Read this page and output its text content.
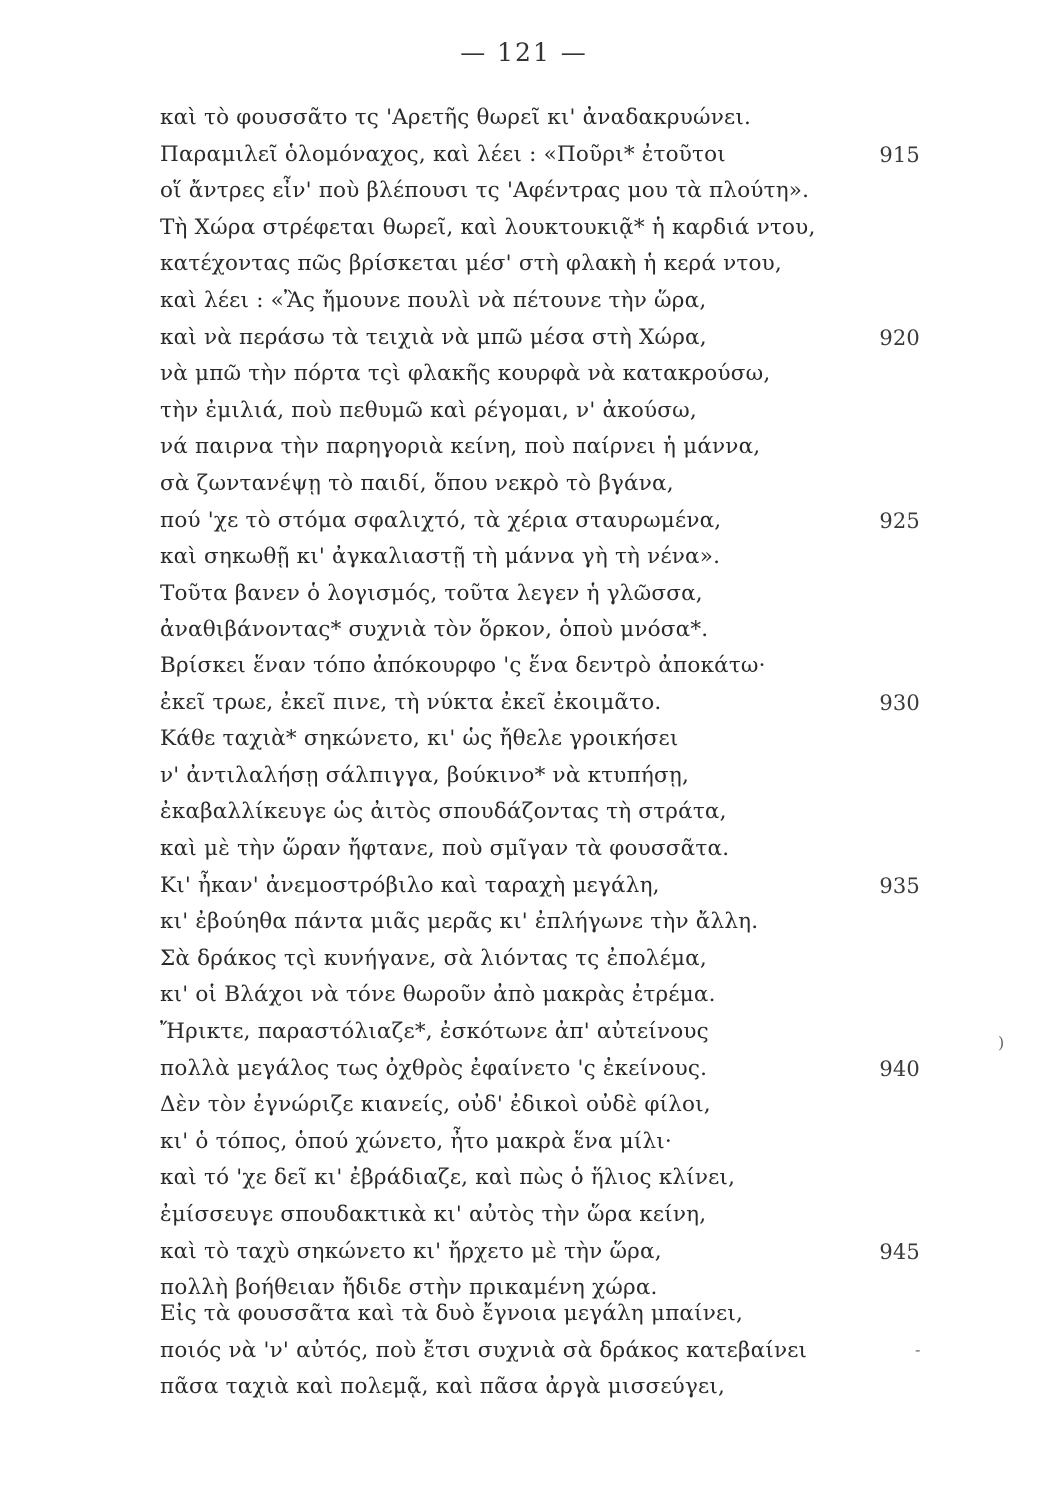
— 121 —
καὶ τὸ φουσσᾶτο τς 'Αρετῆς θωρεῖ κι' ἀναδακρυώνει.
Παραμιλεῖ ὁλομόναχος, καὶ λέει : «Ποῦρι* ἐτοῦτοι	915
οἵ ἄντρες εἶν' ποὺ βλέπουσι τς 'Αφέντρας μου τὰ πλούτη».
Τὴ Χώρα στρέφεται θωρεῖ, καὶ λουκτουκιᾷ* ἡ καρδιά ντου,
κατέχοντας πῶς βρίσκεται μέσ' στὴ φλακὴ ἡ κερά ντου,
καὶ λέει : «Ἂς ἤμουνε πουλὶ νὰ πέτουνε τὴν ὥρα,
καὶ νὰ περάσω τὰ τειχιὰ νὰ μπῶ μέσα στὴ Χώρα,	920
νὰ μπῶ τὴν πόρτα τςὶ φλακῆς κουρφὰ νὰ κατακρούσω,
τὴν ἐμιλιά, ποὺ πεθυμῶ καὶ ρέγομαι, ν' ἀκούσω,
νά παιρνα τὴν παρηγοριὰ κείνη, ποὺ παίρνει ἡ μάννα,
σὰ ζωντανέψῃ τὸ παιδί, ὅπου νεκρὸ τὸ βγάνα,
πού 'χε τὸ στόμα σφαλιχτό, τὰ χέρια σταυρωμένα,	925
καὶ σηκωθῇ κι' ἀγκαλιαστῇ τὴ μάννα γὴ τὴ νένα».
Τοῦτα βανεν ὁ λογισμός, τοῦτα λεγεν ἡ γλῶσσα,
ἀναθιβάνοντας* συχνιὰ τὸν ὅρκον, ὁποὺ μνόσα*.
Βρίσκει ἕναν τόπο ἀπόκουρφο 'ς ἕνα δεντρὸ ἀποκάτω·
ἐκεῖ τρωε, ἐκεῖ πινε, τὴ νύκτα ἐκεῖ ἐκοιμᾶτο.	930
Κάθε ταχιὰ* σηκώνετο, κι' ὡς ἤθελε γροικήσει
ν' ἀντιλαλήσῃ σάλπιγγα, βούκινο* νὰ κτυπήσῃ,
ἐκαβαλλίκευγε ὡς ἀιτὸς σπουδάζοντας τὴ στράτα,
καὶ μὲ τὴν ὥραν ἤφτανε, ποὺ σμῖγαν τὰ φουσσᾶτα.
Κι' ἦκαν' ἀνεμοστρόβιλο καὶ ταραχὴ μεγάλη,	935
κι' ἐβούηθα πάντα μιᾶς μερᾶς κι' ἐπλήγωνε τὴν ἄλλη.
Σὰ δράκος τςὶ κυνήγανε, σὰ λιόντας τς ἐπολέμα,
κι' οἱ Βλάχοι νὰ τόνε θωροῦν ἀπὸ μακρὰς ἐτρέμα.
Ἤρικτε, παραστόλιαζε*, ἐσκότωνε ἀπ' αὐτείνους
πολλὰ μεγάλος τως ὀχθρὸς ἐφαίνετο 'ς ἐκείνους.	940
Δὲν τὸν ἐγνώριζε κιανείς, οὐδ' ἐδικοὶ οὐδὲ φίλοι,
κι' ὁ τόπος, ὁπού χώνετο, ἦτο μακρὰ ἕνα μίλι·
καὶ τό 'χε δεῖ κι' ἐβράδιαζε, καὶ πὼς ὁ ἥλιος κλίνει,
ἐμίσσευγε σπουδακτικὰ κι' αὐτὸς τὴν ὥρα κείνη,
καὶ τὸ ταχὺ σηκώνετο κι' ἤρχετο μὲ τὴν ὥρα,	945
πολλὴ βοήθειαν ἤδιδε στὴν πρικαμένη χώρα.
Εἰς τὰ φουσσᾶτα καὶ τὰ δυὸ ἔγνοια μεγάλη μπαίνει,
ποιός νὰ 'ν' αὐτός, ποὺ ἔτσι συχνιὰ σὰ δράκος κατεβαίνει
πᾶσα ταχιὰ καὶ πολεμᾷ, καὶ πᾶσα ἀργὰ μισσεύγει,
)
-
